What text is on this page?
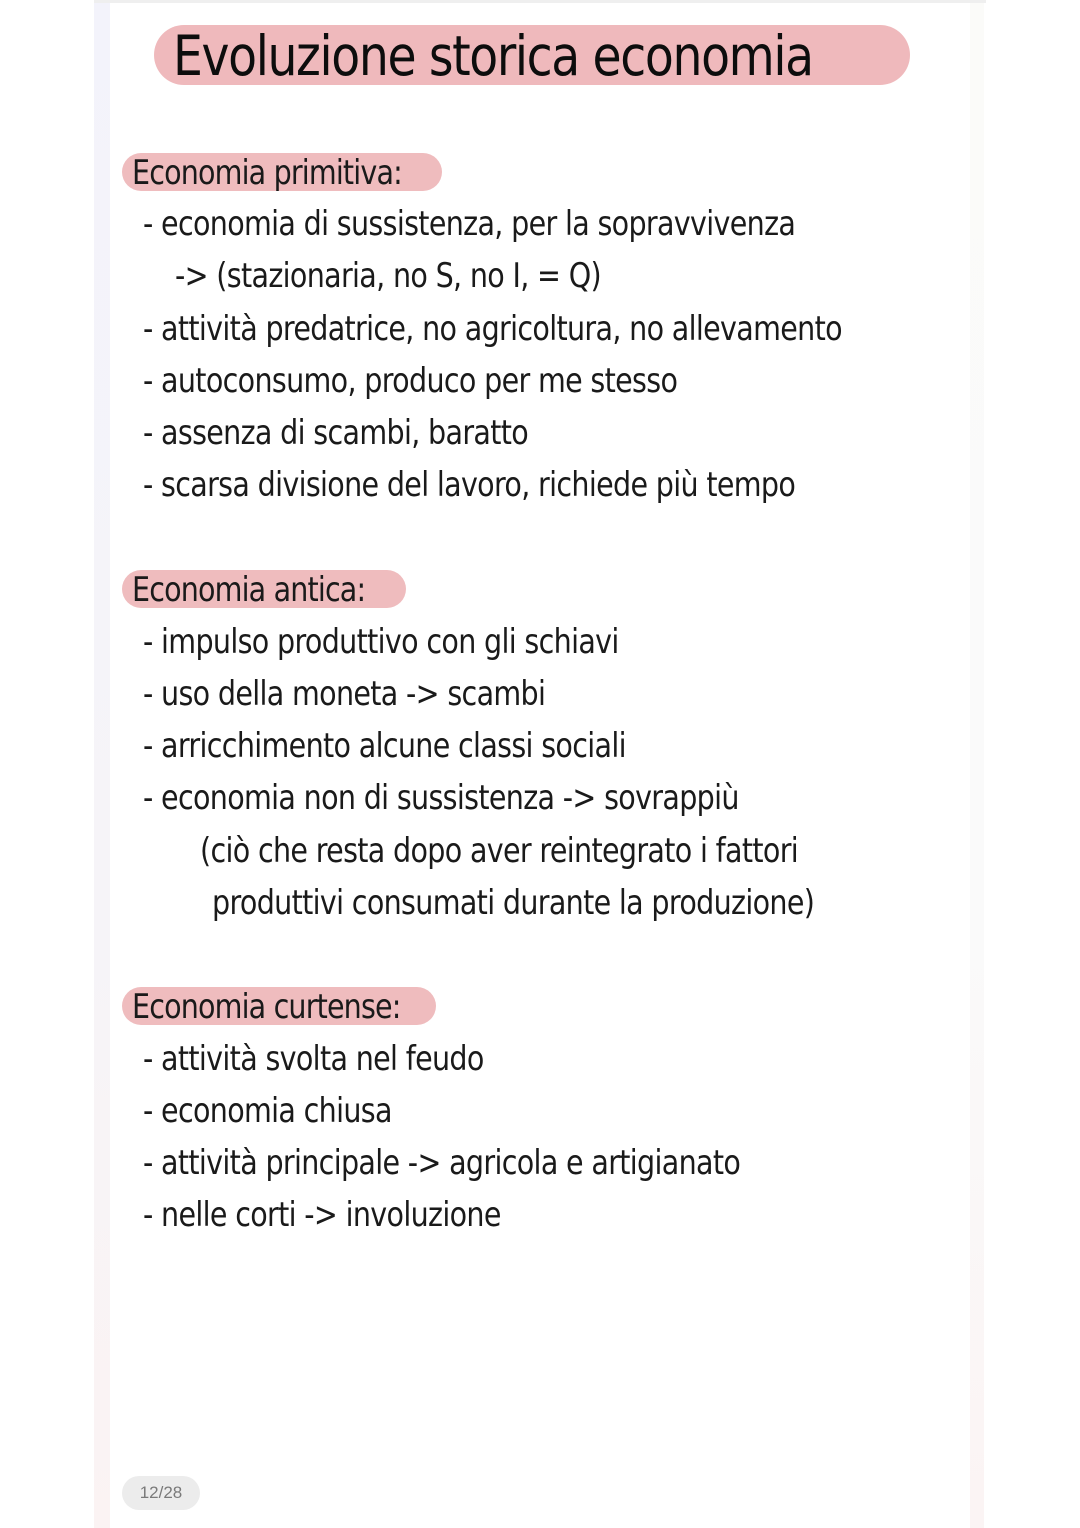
Evoluzione storica economia
Economia primitiva:
- economia di sussistenza, per la sopravvivenza
-> (stazionaria, no S, no I, = Q)
- attività predatrice, no agricoltura, no allevamento
- autoconsumo, produco per me stesso
- assenza di scambi, baratto
- scarsa divisione del lavoro, richiede più tempo
Economia antica:
- impulso produttivo con gli schiavi
- uso della moneta -> scambi
- arricchimento alcune classi sociali
- economia non di sussistenza -> sovrappiù
(ciò che resta dopo aver reintegrato i fattori
produttivi consumati durante la produzione)
Economia curtense:
- attività svolta nel feudo
- economia chiusa
- attività principale -> agricola e artigianato
- nelle corti -> involuzione
12/28
